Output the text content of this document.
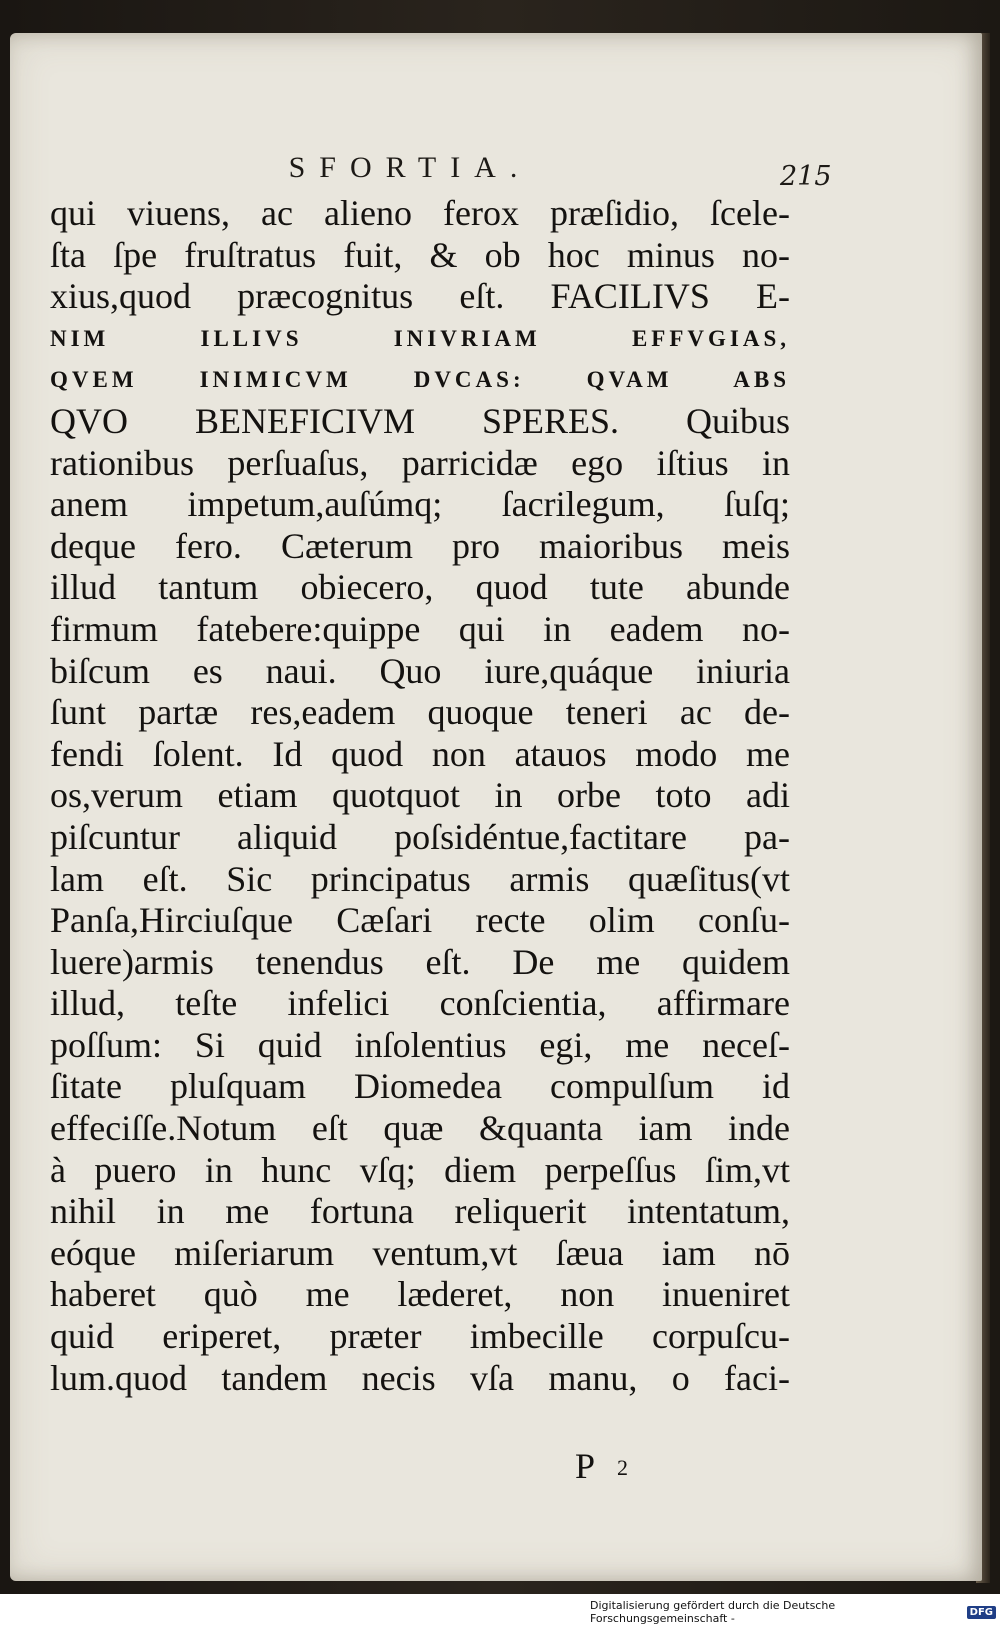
SFORTIA.	215
qui viuens, ac alieno ferox præſidio, ſcele-
ſta ſpe fruſtratus fuit, & ob hoc minus no-
xius,quod præcognitus eſt. FACILIVS E-
NIM ILLIVS INIVRIAM EFFVGIAS,
QVEM INIMICVM DVCAS: QVAM ABS
QVO BENEFICIVM SPERES. Quibus
rationibus perſuaſus, parricidæ ego iſtius in
anem impetum,auſúmq; ſacrilegum, ſuſq;
deque fero. Cæterum pro maioribus meis
illud tantum obiecero, quod tute abunde
firmum fatebere:quippe qui in eadem no-
biſcum es naui. Quo iure,quáque iniuria
ſunt partæ res,eadem quoque teneri ac de-
fendi ſolent. Id quod non atauos modo me
os,verum etiam quotquot in orbe toto adi
piſcuntur aliquid poſsidéntue,factitare pa-
lam eſt. Sic principatus armis quæſitus(vt
Panſa,Hirciuſque Cæſari recte olim conſu-
luere)armis tenendus eſt. De me quidem
illud, teſte infelici conſcientia, affirmare
poſſum: Si quid inſolentius egi, me neceſ-
ſitate pluſquam Diomedea compulſum id
effeciſſe.Notum eſt quæ &quanta iam inde
à puero in hunc vſq; diem perpeſſus ſim,vt
nihil in me fortuna reliquerit intentatum,
eóque miſeriarum ventum,vt ſæua iam nō
haberet quò me læderet, non inueniret
quid eriperet, præter imbecille corpuſcu-
lum.quod tandem necis vſa manu, o faci-
P 2
Digitalisierung gefördert durch die Deutsche Forschungsgemeinschaft -	DFG
